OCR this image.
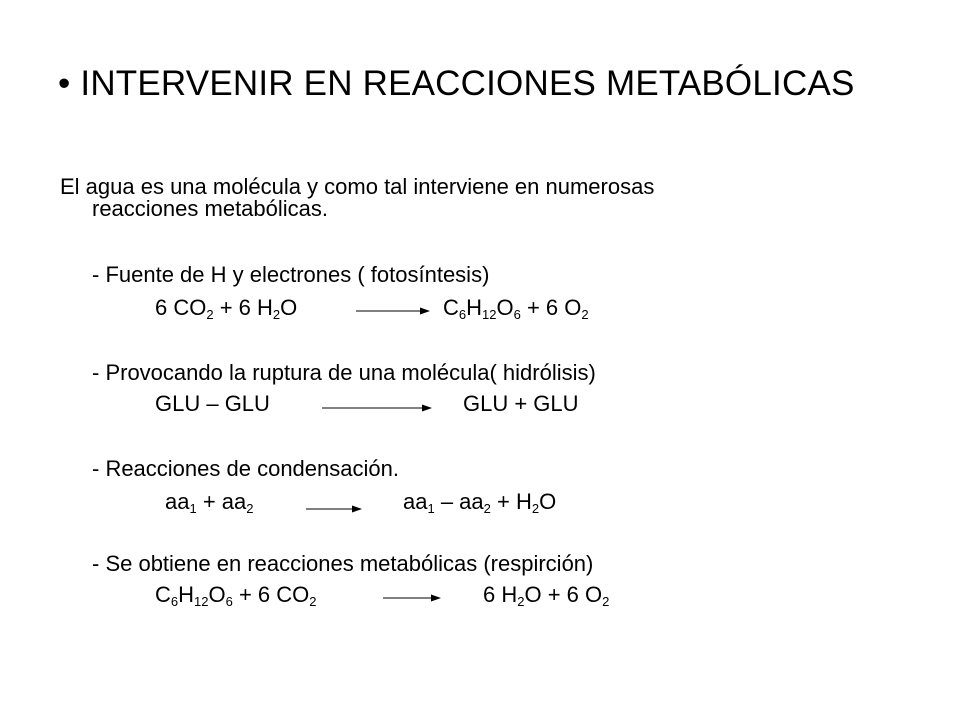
• INTERVENIR EN REACCIONES METABÓLICAS
El agua es una molécula y como tal interviene en numerosas
reacciones metabólicas.
- Fuente de H y electrones ( fotosíntesis)
6 $CO_2 + 6$ $H_2O$	$C_6H_{12}O_6 + 6$ $O_2$
- Provocando la ruptura de una molécula( hidrólisis)
GLU – GLU	GLU + GLU
- Reacciones de condensación.
$aa_1 + aa_2$	$aa_1 - aa_2 + H_2O$
- Se obtiene en reacciones metabólicas (respirción)
$C_6H_{12}O_6 + 6$ $CO_2$	6 $H_2O + 6$ $O_2$
